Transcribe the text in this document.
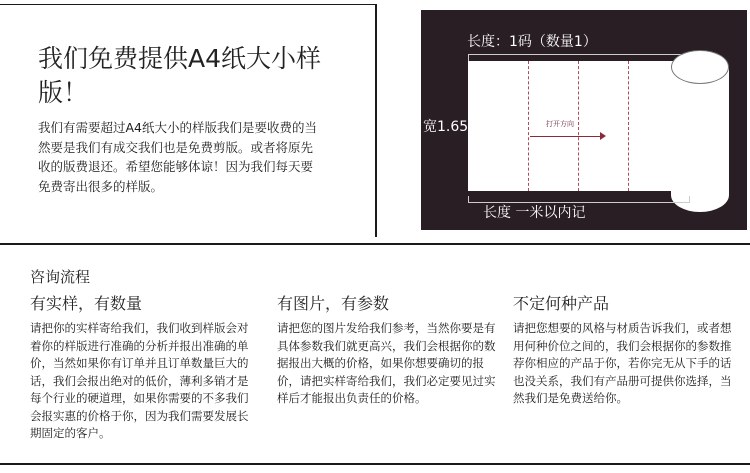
我们免费提供A4纸大小样版！
我们有需要超过A4纸大小的样版我们是要收费的当然要是我们有成交我们也是免费剪版。或者将原先收的版费退还。希望您能够体谅！因为我们每天要免费寄出很多的样版。
长度：1码（数量1）
打开方向
宽1.65
长度 一米以内记
咨询流程
有实样，有数量
请把你的实样寄给我们，我们收到样版会对着你的样版进行准确的分析并报出准确的单价，当然如果你有订单并且订单数量巨大的话，我们会报出绝对的低价，薄利多销才是每个行业的硬道理，如果你需要的不多我们会报实惠的价格于你，因为我们需要发展长期固定的客户。
有图片，有参数
请把您的图片发给我们参考，当然你要是有具体参数我们就更高兴，我们会根据你的数据报出大概的价格，如果你想要确切的报价，请把实样寄给我们，我们必定要见过实样后才能报出负责任的价格。
不定何种产品
请把您想要的风格与材质告诉我们，或者想用何种价位之间的，我们会根据你的参数推荐你相应的产品于你，若你完无从下手的话也没关系，我们有产品册可提供你选择，当然我们是免费送给你。
